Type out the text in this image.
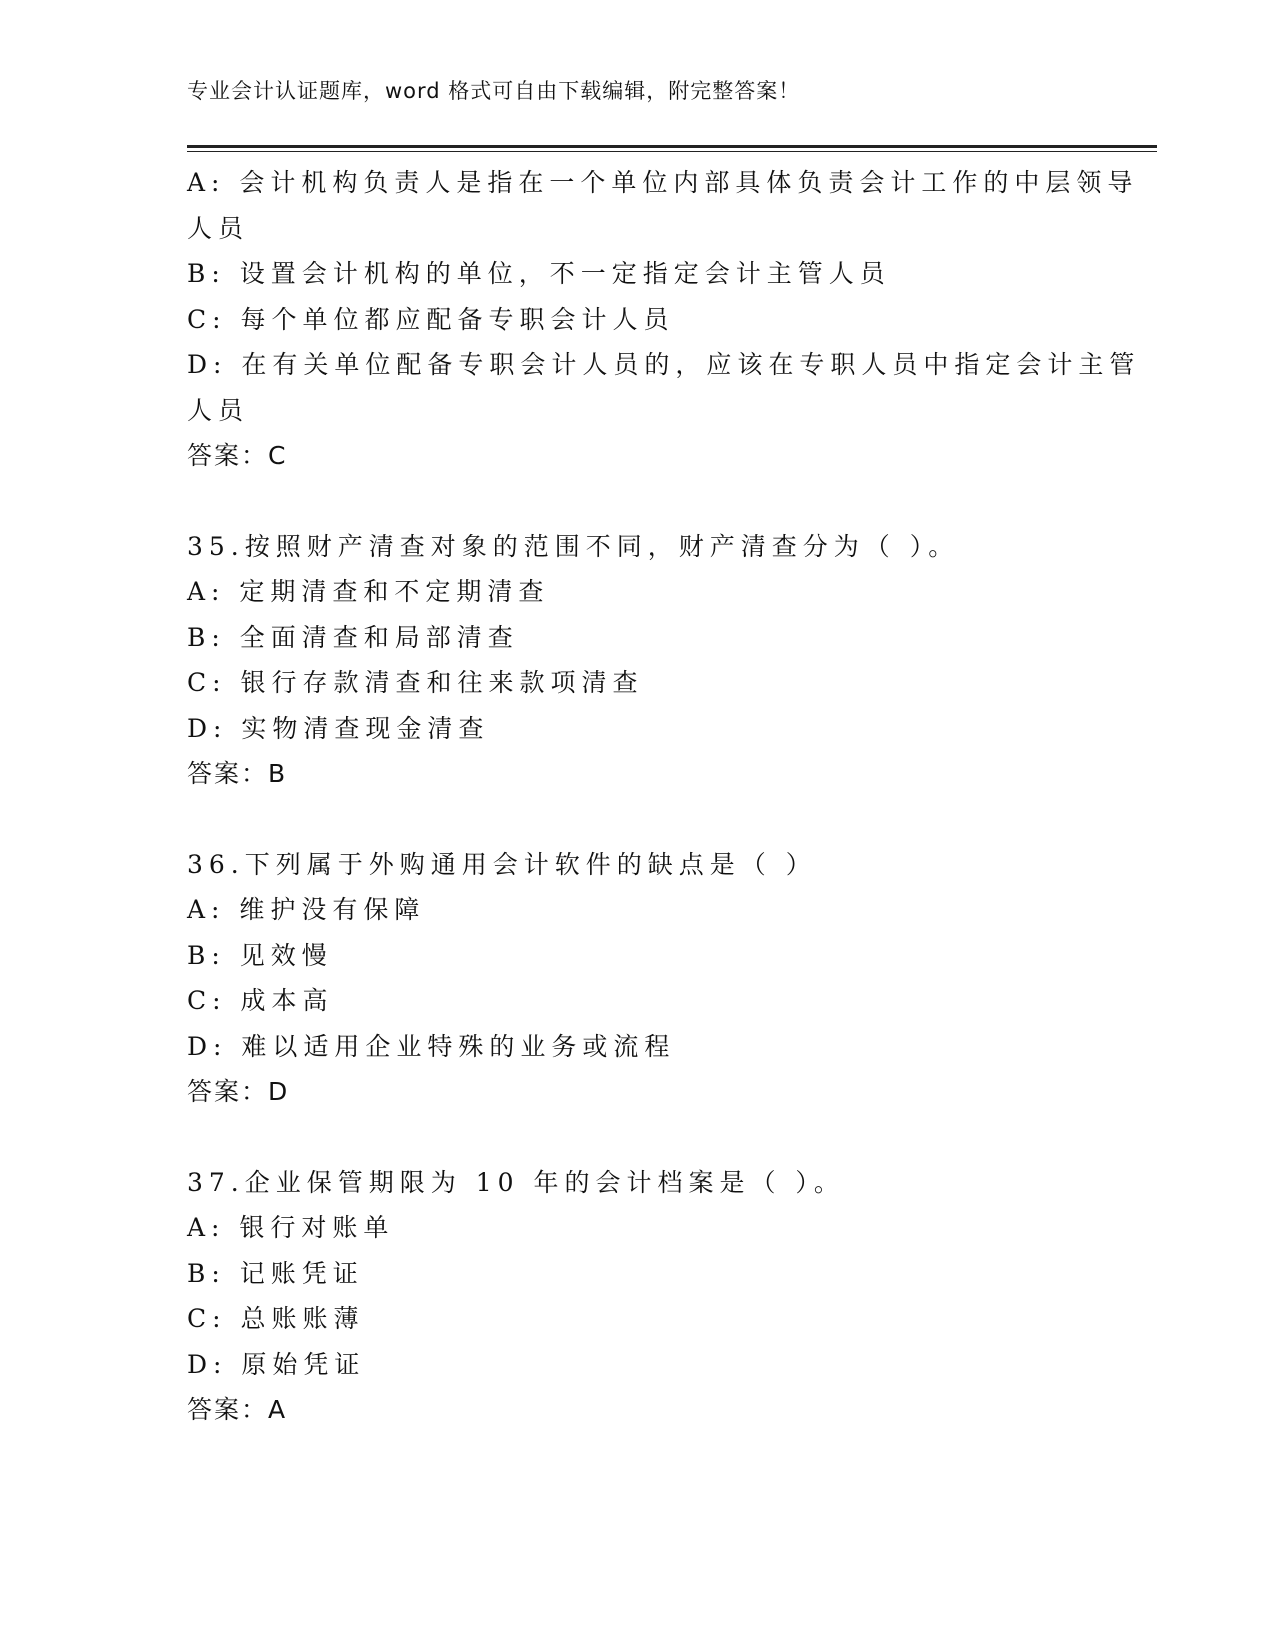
专业会计认证题库，word 格式可自由下载编辑，附完整答案！
A: 会计机构负责人是指在一个单位内部具体负责会计工作的中层领导
人员
B: 设置会计机构的单位，不一定指定会计主管人员
C: 每个单位都应配备专职会计人员
D: 在有关单位配备专职会计人员的，应该在专职人员中指定会计主管
人员
答案：C
35.按照财产清查对象的范围不同，财产清查分为（ ）。
A: 定期清查和不定期清查
B: 全面清查和局部清查
C: 银行存款清查和往来款项清查
D: 实物清查现金清查
答案：B
36.下列属于外购通用会计软件的缺点是（ ）
A: 维护没有保障
B: 见效慢
C: 成本高
D: 难以适用企业特殊的业务或流程
答案：D
37.企业保管期限为 10 年的会计档案是（ ）。
A: 银行对账单
B: 记账凭证
C: 总账账薄
D: 原始凭证
答案：A
